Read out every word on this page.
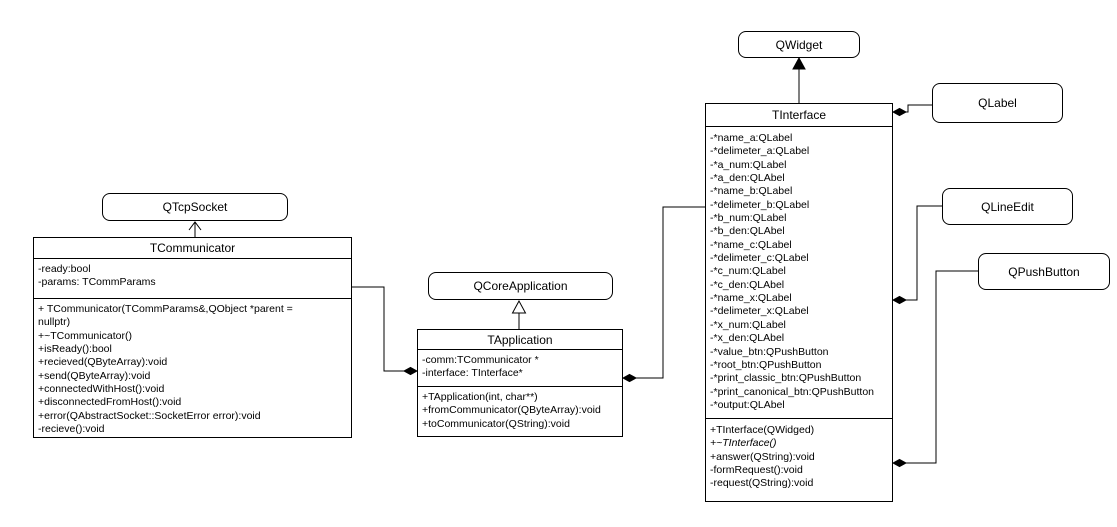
QTcpSocket
QCoreApplication
QWidget
QLabel
QLineEdit
QPushButton
TCommunicator
-ready:bool
-params: TCommParams
+ TCommunicator(TCommParams&,QObject *parent = nullptr)
+~TCommunicator()
+isReady():bool
+recieved(QByteArray):void
+send(QByteArray):void
+connectedWithHost():void
+disconnectedFromHost():void
+error(QAbstractSocket::SocketError error):void
-recieve():void
TApplication
-comm:TCommunicator *
-interface: TInterface*
+TApplication(int, char**)
+fromCommunicator(QByteArray):void
+toCommunicator(QString):void
TInterface
-*name_a:QLabel
-*delimeter_a:QLabel
-*a_num:QLabel
-*a_den:QLAbel
-*name_b:QLabel
-*delimeter_b:QLabel
-*b_num:QLabel
-*b_den:QLAbel
-*name_c:QLabel
-*delimeter_c:QLabel
-*c_num:QLabel
-*c_den:QLAbel
-*name_x:QLabel
-*delimeter_x:QLabel
-*x_num:QLabel
-*x_den:QLAbel
-*value_btn:QPushButton
-*root_btn:QPushButton
-*print_classic_btn:QPushButton
-*print_canonical_btn:QPushButton
-*output:QLAbel
+TInterface(QWidged)
+~TInterface()
+answer(QString):void
-formRequest():void
-request(QString):void
